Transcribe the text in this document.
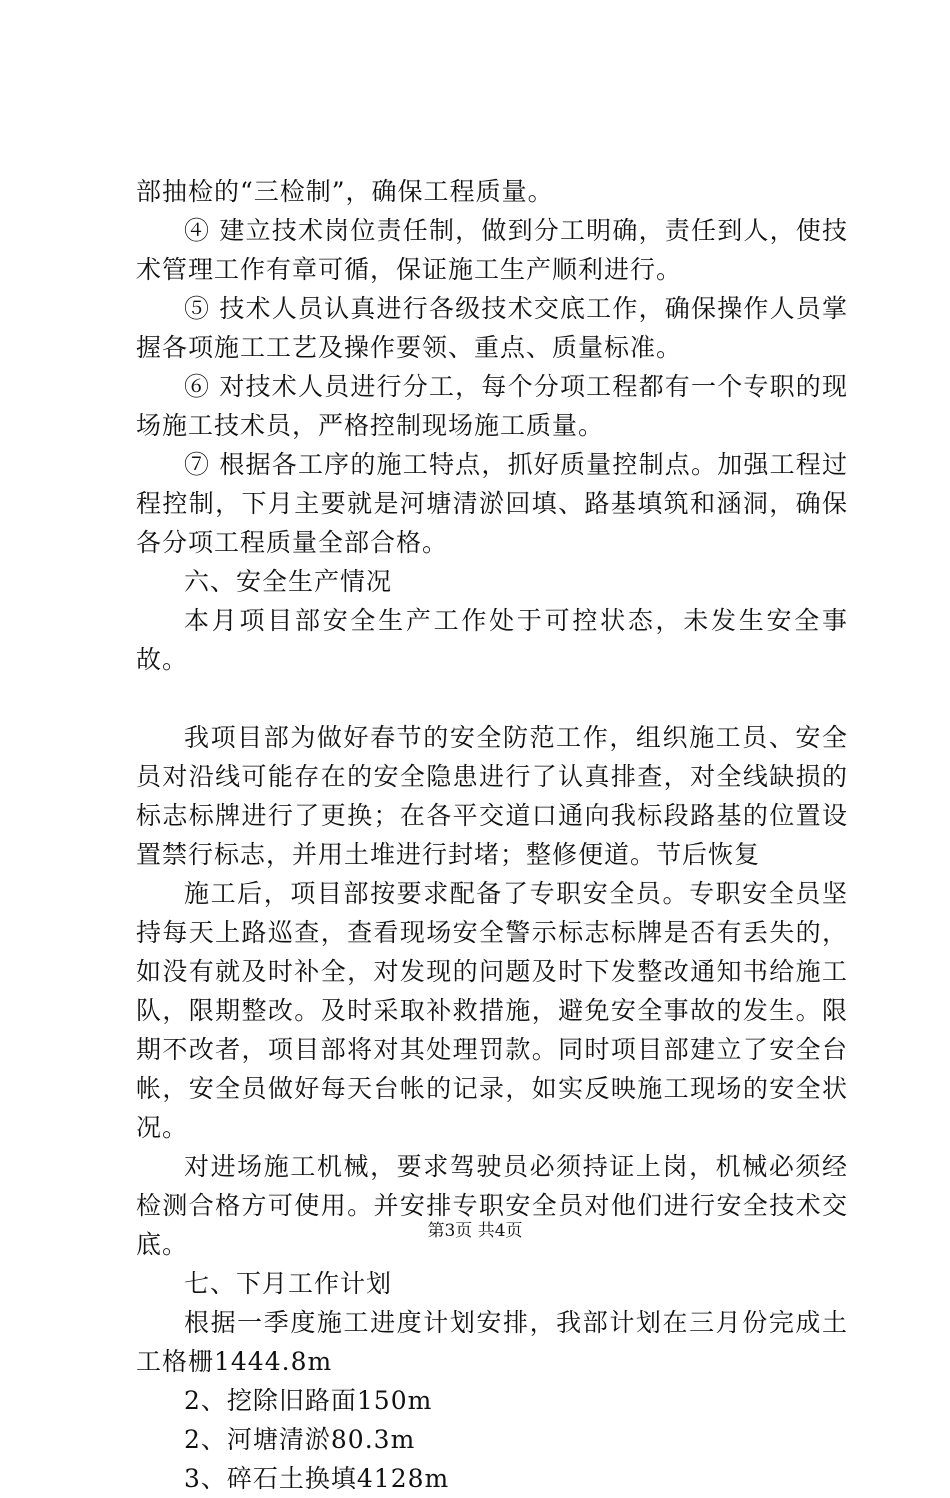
部抽检的“三检制”，确保工程质量。

④ 建立技术岗位责任制，做到分工明确，责任到人，使技术管理工作有章可循，保证施工生产顺利进行。

⑤ 技术人员认真进行各级技术交底工作，确保操作人员掌握各项施工工艺及操作要领、重点、质量标准。

⑥ 对技术人员进行分工，每个分项工程都有一个专职的现场施工技术员，严格控制现场施工质量。

⑦ 根据各工序的施工特点，抓好质量控制点。加强工程过程控制，下月主要就是河塘清淤回填、路基填筑和涵洞，确保各分项工程质量全部合格。

六、安全生产情况

本月项目部安全生产工作处于可控状态，未发生安全事故。

我项目部为做好春节的安全防范工作，组织施工员、安全员对沿线可能存在的安全隐患进行了认真排查，对全线缺损的标志标牌进行了更换；在各平交道口通向我标段路基的位置设置禁行标志，并用土堆进行封堵；整修便道。节后恢复

施工后，项目部按要求配备了专职安全员。专职安全员坚持每天上路巡查，查看现场安全警示标志标牌是否有丢失的，如没有就及时补全，对发现的问题及时下发整改通知书给施工队，限期整改。及时采取补救措施，避免安全事故的发生。限期不改者，项目部将对其处理罚款。同时项目部建立了安全台帐，安全员做好每天台帐的记录，如实反映施工现场的安全状况。

对进场施工机械，要求驾驶员必须持证上岗，机械必须经检测合格方可使用。并安排专职安全员对他们进行安全技术交底。

七、下月工作计划

根据一季度施工进度计划安排，我部计划在三月份完成土工格栅1444.8m

2、挖除旧路面150m

2、河塘清淤80.3m

3、碎石土换填4128m

第3页 共4页
